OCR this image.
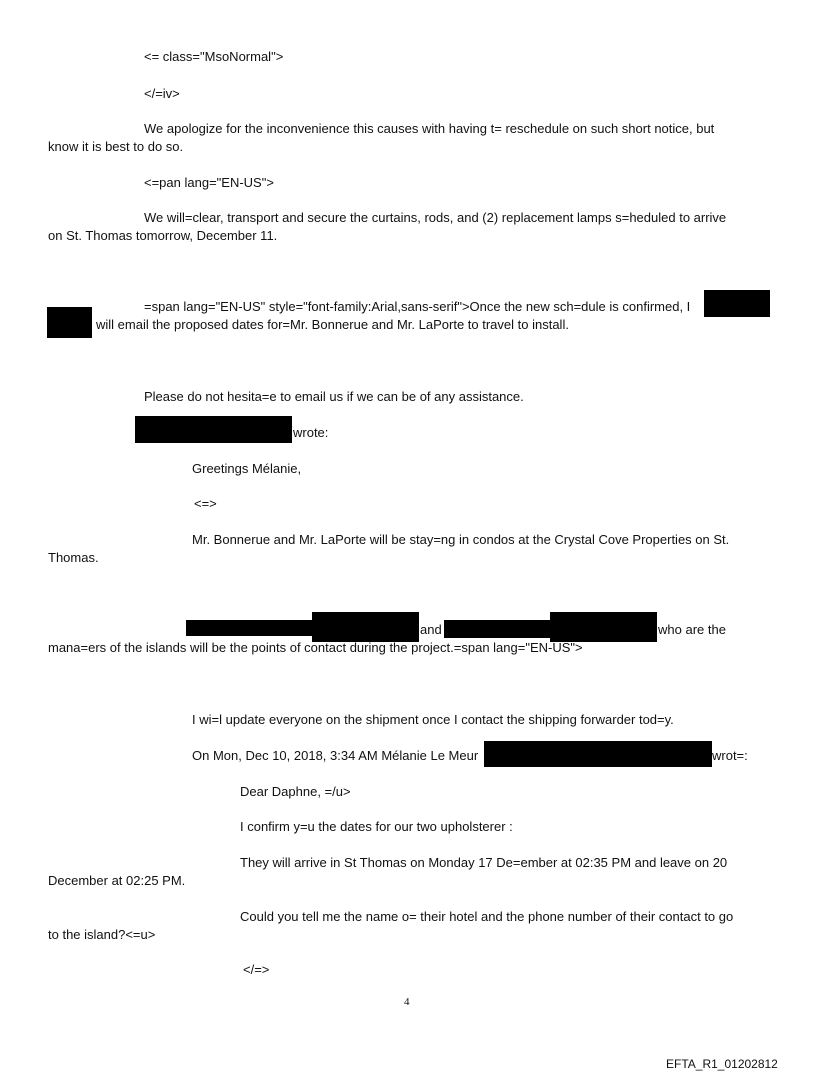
<= class="MsoNormal">
</=iv>
We apologize for the inconvenience this causes with having t= reschedule on such short notice, but
know it is best to do so.
<=pan lang="EN-US">
We will=clear, transport and secure the curtains, rods, and (2) replacement lamps s=heduled to arrive
on St. Thomas tomorrow, December 11.
=span lang="EN-US" style="font-family:Arial,sans-serif">Once the new sch=dule is confirmed, I
will email the proposed dates for=Mr. Bonnerue and Mr. LaPorte to travel to install.
Please do not hesita=e to email us if we can be of any assistance.
wrote:
Greetings Mélanie,
<=>
Mr. Bonnerue and Mr. LaPorte will be stay=ng in condos at the Crystal Cove Properties on St.
Thomas.
and	who are the
mana=ers of the islands will be the points of contact during the project.=span lang="EN-US">
I wi=l update everyone on the shipment once I contact the shipping forwarder tod=y.
On Mon, Dec 10, 2018, 3:34 AM Mélanie Le Meur	wrot=:
Dear Daphne, =/u>
I confirm y=u the dates for our two upholsterer :
They will arrive in St Thomas on Monday 17 De=ember at 02:35 PM and leave on 20
December at 02:25 PM.
Could you tell me the name o= their hotel and the phone number of their contact to go
to the island?<=u>
</=>
4
EFTA_R1_01202812
